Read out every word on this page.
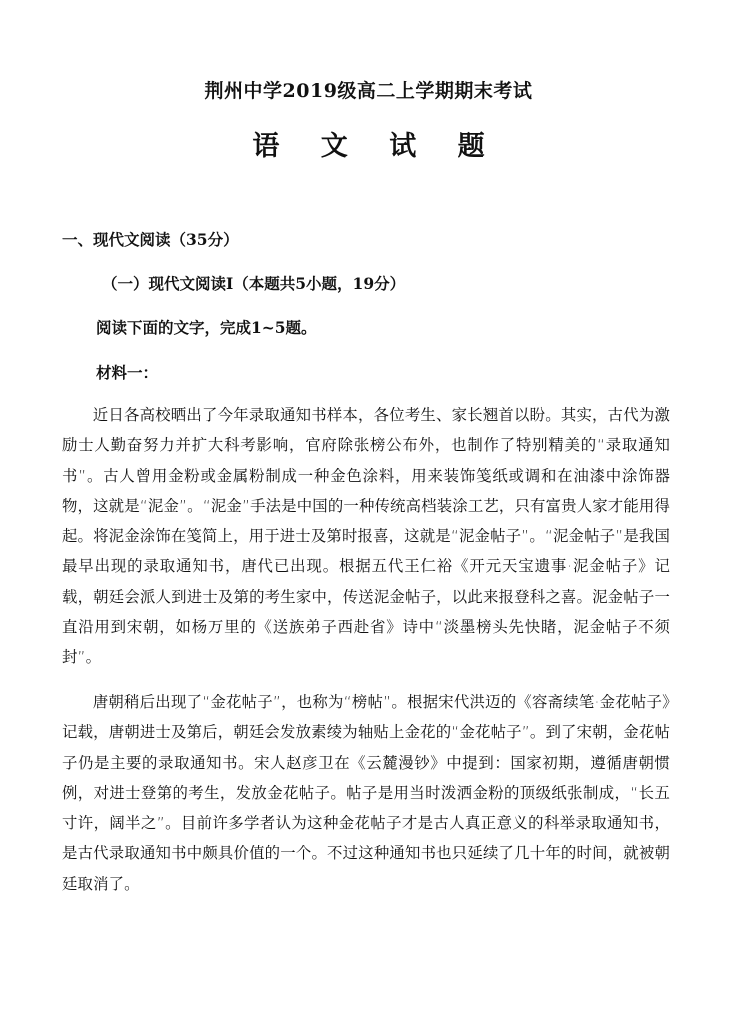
荆州中学2019级高二上学期期末考试
语 文 试 题
一、现代文阅读（35分）
（一）现代文阅读Ⅰ（本题共5小题，19分）
阅读下面的文字，完成1~5题。
材料一：

近日各高校晒出了今年录取通知书样本，各位考生、家长翘首以盼。其实，古代为激励士人勤奋努力并扩大科考影响，官府除张榜公布外，也制作了特别精美的“录取通知书”。古人曾用金粉或金属粉制成一种金色涂料，用来装饰笺纸或调和在油漆中涂饰器物，这就是“泥金”。“泥金”手法是中国的一种传统高档装涂工艺，只有富贵人家才能用得起。将泥金涂饰在笺简上，用于进士及第时报喜，这就是“泥金帖子”。“泥金帖子”是我国最早出现的录取通知书，唐代已出现。根据五代王仁裕《开元天宝遗事·泥金帖子》记载，朝廷会派人到进士及第的考生家中，传送泥金帖子，以此来报登科之喜。泥金帖子一直沿用到宋朝，如杨万里的《送族弟子西赴省》诗中“淡墨榜头先快睹，泥金帖子不须封”。

唐朝稍后出现了“金花帖子”，也称为“榜帖”。根据宋代洪迈的《容斋续笔·金花帖子》记载，唐朝进士及第后，朝廷会发放素绫为轴贴上金花的“金花帖子”。到了宋朝，金花帖子仍是主要的录取通知书。宋人赵彦卫在《云麓漫钞》中提到：国家初期，遵循唐朝惯例，对进士登第的考生，发放金花帖子。帖子是用当时泼洒金粉的顶级纸张制成，“长五寸许，阔半之”。目前许多学者认为这种金花帖子才是古人真正意义的科举录取通知书，是古代录取通知书中颇具价值的一个。不过这种通知书也只延续了几十年的时间，就被朝廷取消了。
